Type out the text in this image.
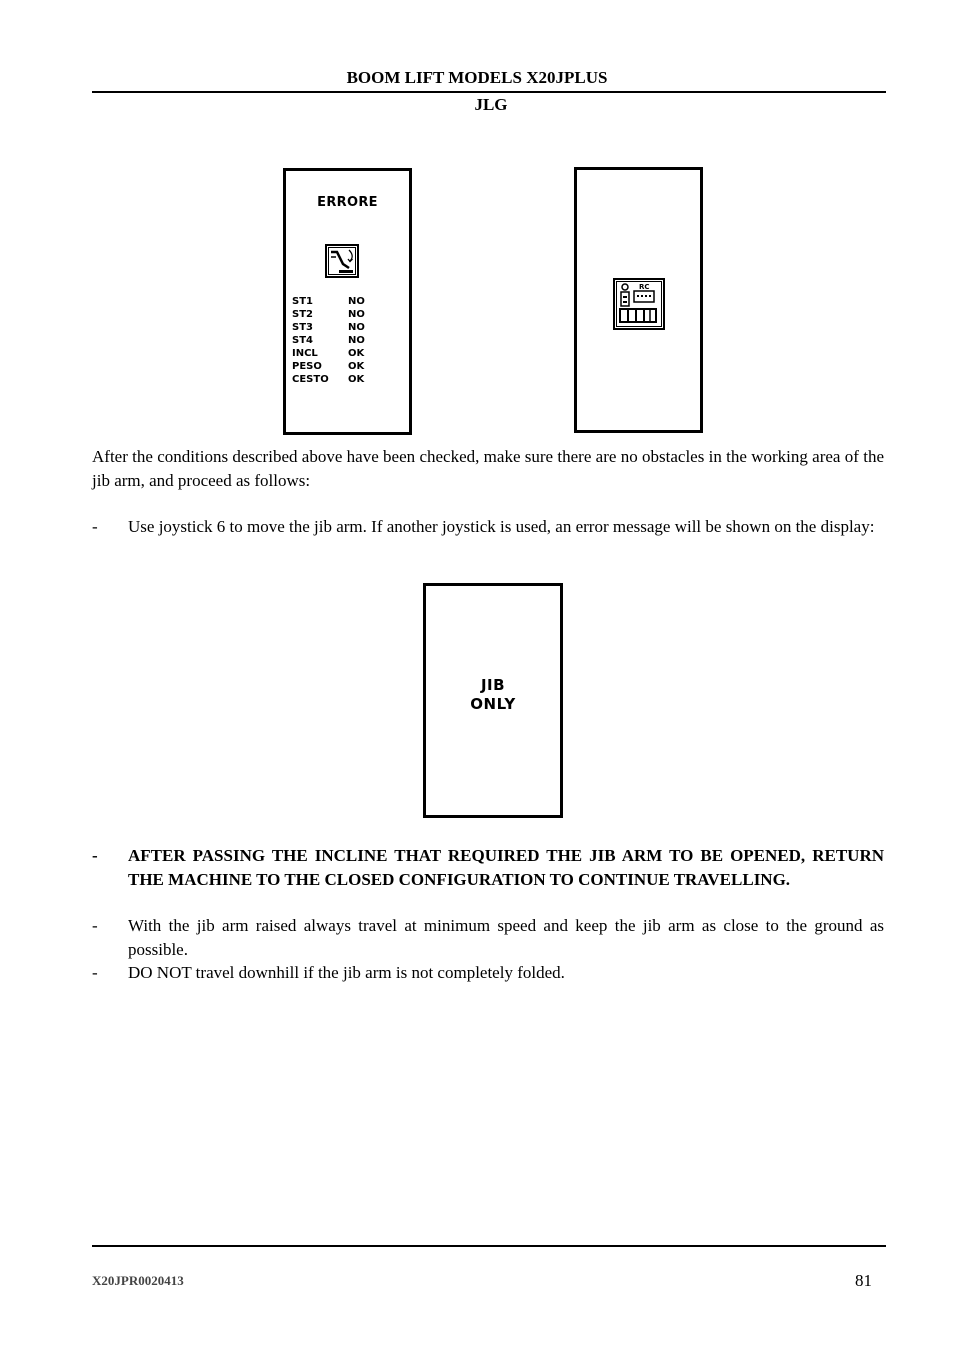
BOOM LIFT MODELS X20JPLUS
JLG
ERRORE
ST1	NO
ST2	NO
ST3	NO
ST4	NO
INCL	OK
PESO	OK
CESTO	OK
RC
After the conditions described above have been checked, make sure there are no obstacles in the working area of the jib arm, and proceed as follows:
-	Use joystick 6 to move the jib arm. If another joystick is used, an error message will be shown on the display:
JIB
ONLY
-	AFTER PASSING THE INCLINE THAT REQUIRED THE JIB ARM TO BE OPENED, RETURN THE MACHINE TO THE CLOSED CONFIGURATION TO CONTINUE TRAVELLING.
-	With the jib arm raised always travel at minimum speed and keep the jib arm as close to the ground as possible.
-	DO NOT travel downhill if the jib arm is not completely folded.
X20JPR0020413	81
